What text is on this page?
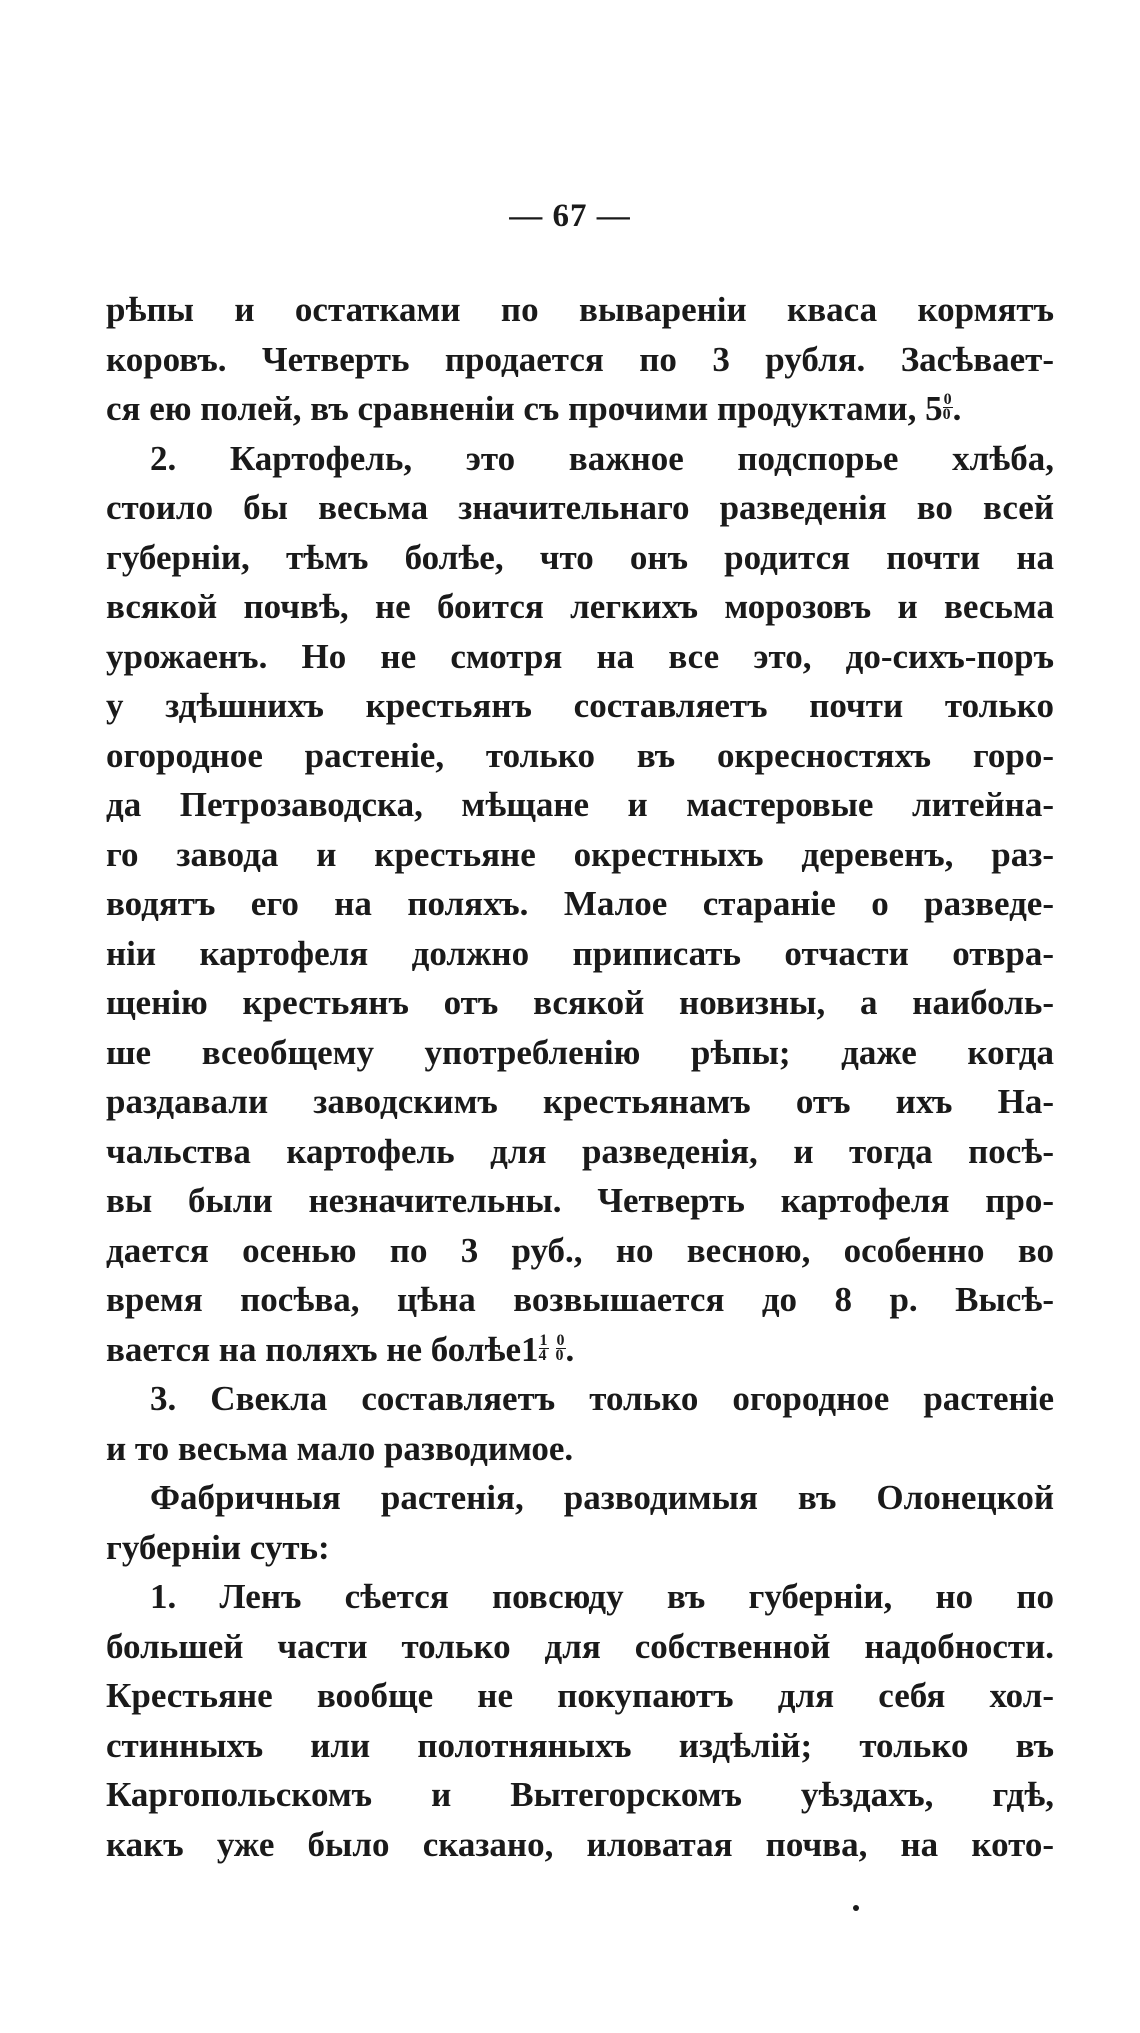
— 67 —
рѣпы и остатками по вывареніи кваса кормятъ
коровъ. Четверть продается по 3 рубля. Засѣвает-
ся ею полей, въ сравненіи съ прочими продуктами, $5 \frac{0}{0}$ .
2. Картофель, это важное подспорье хлѣба,
стоило бы весьма значительнаго разведенія во всей
губерніи, тѣмъ болѣе, что онъ родится почти на
всякой почвѣ, не боится легкихъ морозовъ и весьма
урожаенъ. Но не смотря на все это, до-сихъ-поръ
у здѣшнихъ крестьянъ составляетъ почти только
огородное растеніе, только въ окресностяхъ горо-
да Петрозаводска, мѣщане и мастеровые литейна-
го завода и крестьяне окрестныхъ деревенъ, раз-
водятъ его на поляхъ. Малое стараніе о разведе-
ніи картофеля должно приписать отчасти отвра-
щенію крестьянъ отъ всякой новизны, а наиболь-
ше всеобщему употребленію рѣпы; даже когда
раздавали заводскимъ крестьянамъ отъ ихъ На-
чальства картофель для разведенія, и тогда посѣ-
вы были незначительны. Четверть картофеля про-
дается осенью по 3 руб., но весною, особенно во
время посѣва, цѣна возвышается до 8 р. Высѣ-
вается на поляхъ не болѣе1 $\frac{1}{4}$
  $\frac{0}{0}$ .
3. Свекла составляетъ только огородное растеніе
и то весьма мало разводимое.
Фабричныя растенія, разводимыя въ Олонецкой
губерніи суть:
1. Ленъ сѣется повсюду въ губерніи, но по
большей части только для собственной надобности.
Крестьяне вообще не покупаютъ для себя хол-
стинныхъ или полотняныхъ издѣлій; только въ
Каргопольскомъ и Вытегорскомъ уѣздахъ, гдѣ,
какъ уже было сказано, иловатая почва, на кото-
